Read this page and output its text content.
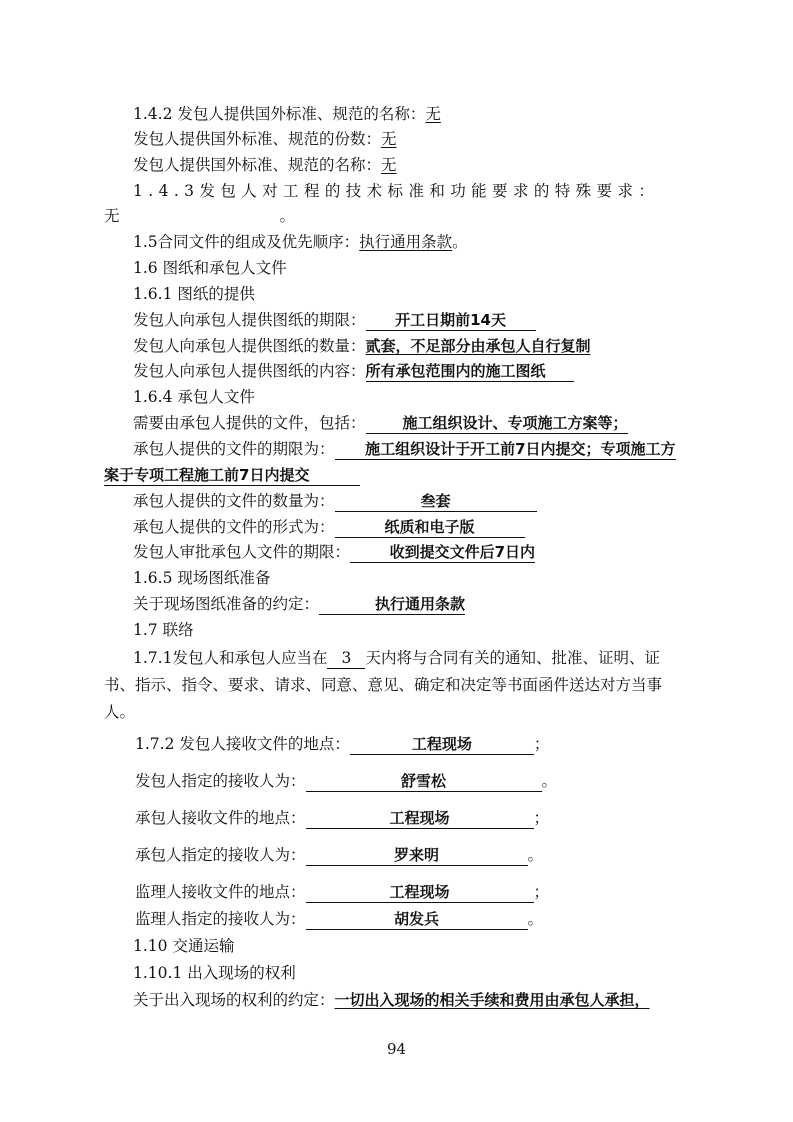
1.4.2 发包人提供国外标准、规范的名称：无
发包人提供国外标准、规范的份数：无
发包人提供国外标准、规范的名称：无
1.4.3发包人对工程的技术标准和功能要求的特殊要求：
无	。
1.5合同文件的组成及优先顺序：执行通用条款。
1.6 图纸和承包人文件
1.6.1 图纸的提供
发包人向承包人提供图纸的期限： 开工日期前14天
发包人向承包人提供图纸的数量：贰套，不足部分由承包人自行复制
发包人向承包人提供图纸的内容：所有承包范围内的施工图纸
1.6.4 承包人文件
需要由承包人提供的文件，包括： 施工组织设计、专项施工方案等；
承包人提供的文件的期限为： 施工组织设计于开工前7日内提交；专项施工方
案于专项工程施工前7日内提交
承包人提供的文件的数量为：	叁套
承包人提供的文件的形式为：	纸质和电子版
发包人审批承包人文件的期限：	收到提交文件后7日内
1.6.5 现场图纸准备
关于现场图纸准备的约定：	执行通用条款
1.7 联络
1.7.1发包人和承包人应当在 3 天内将与合同有关的通知、批准、证明、证
书、指示、指令、要求、请求、同意、意见、确定和决定等书面函件送达对方当事
人。
1.7.2 发包人接收文件的地点：	工程现场	；
发包人指定的接收人为：	舒雪松	。
承包人接收文件的地点：	工程现场	；
承包人指定的接收人为：	罗来明	。
监理人接收文件的地点：	工程现场	；
监理人指定的接收人为：	胡发兵	。
1.10 交通运输
1.10.1 出入现场的权利
关于出入现场的权利的约定：一切出入现场的相关手续和费用由承包人承担，
94
